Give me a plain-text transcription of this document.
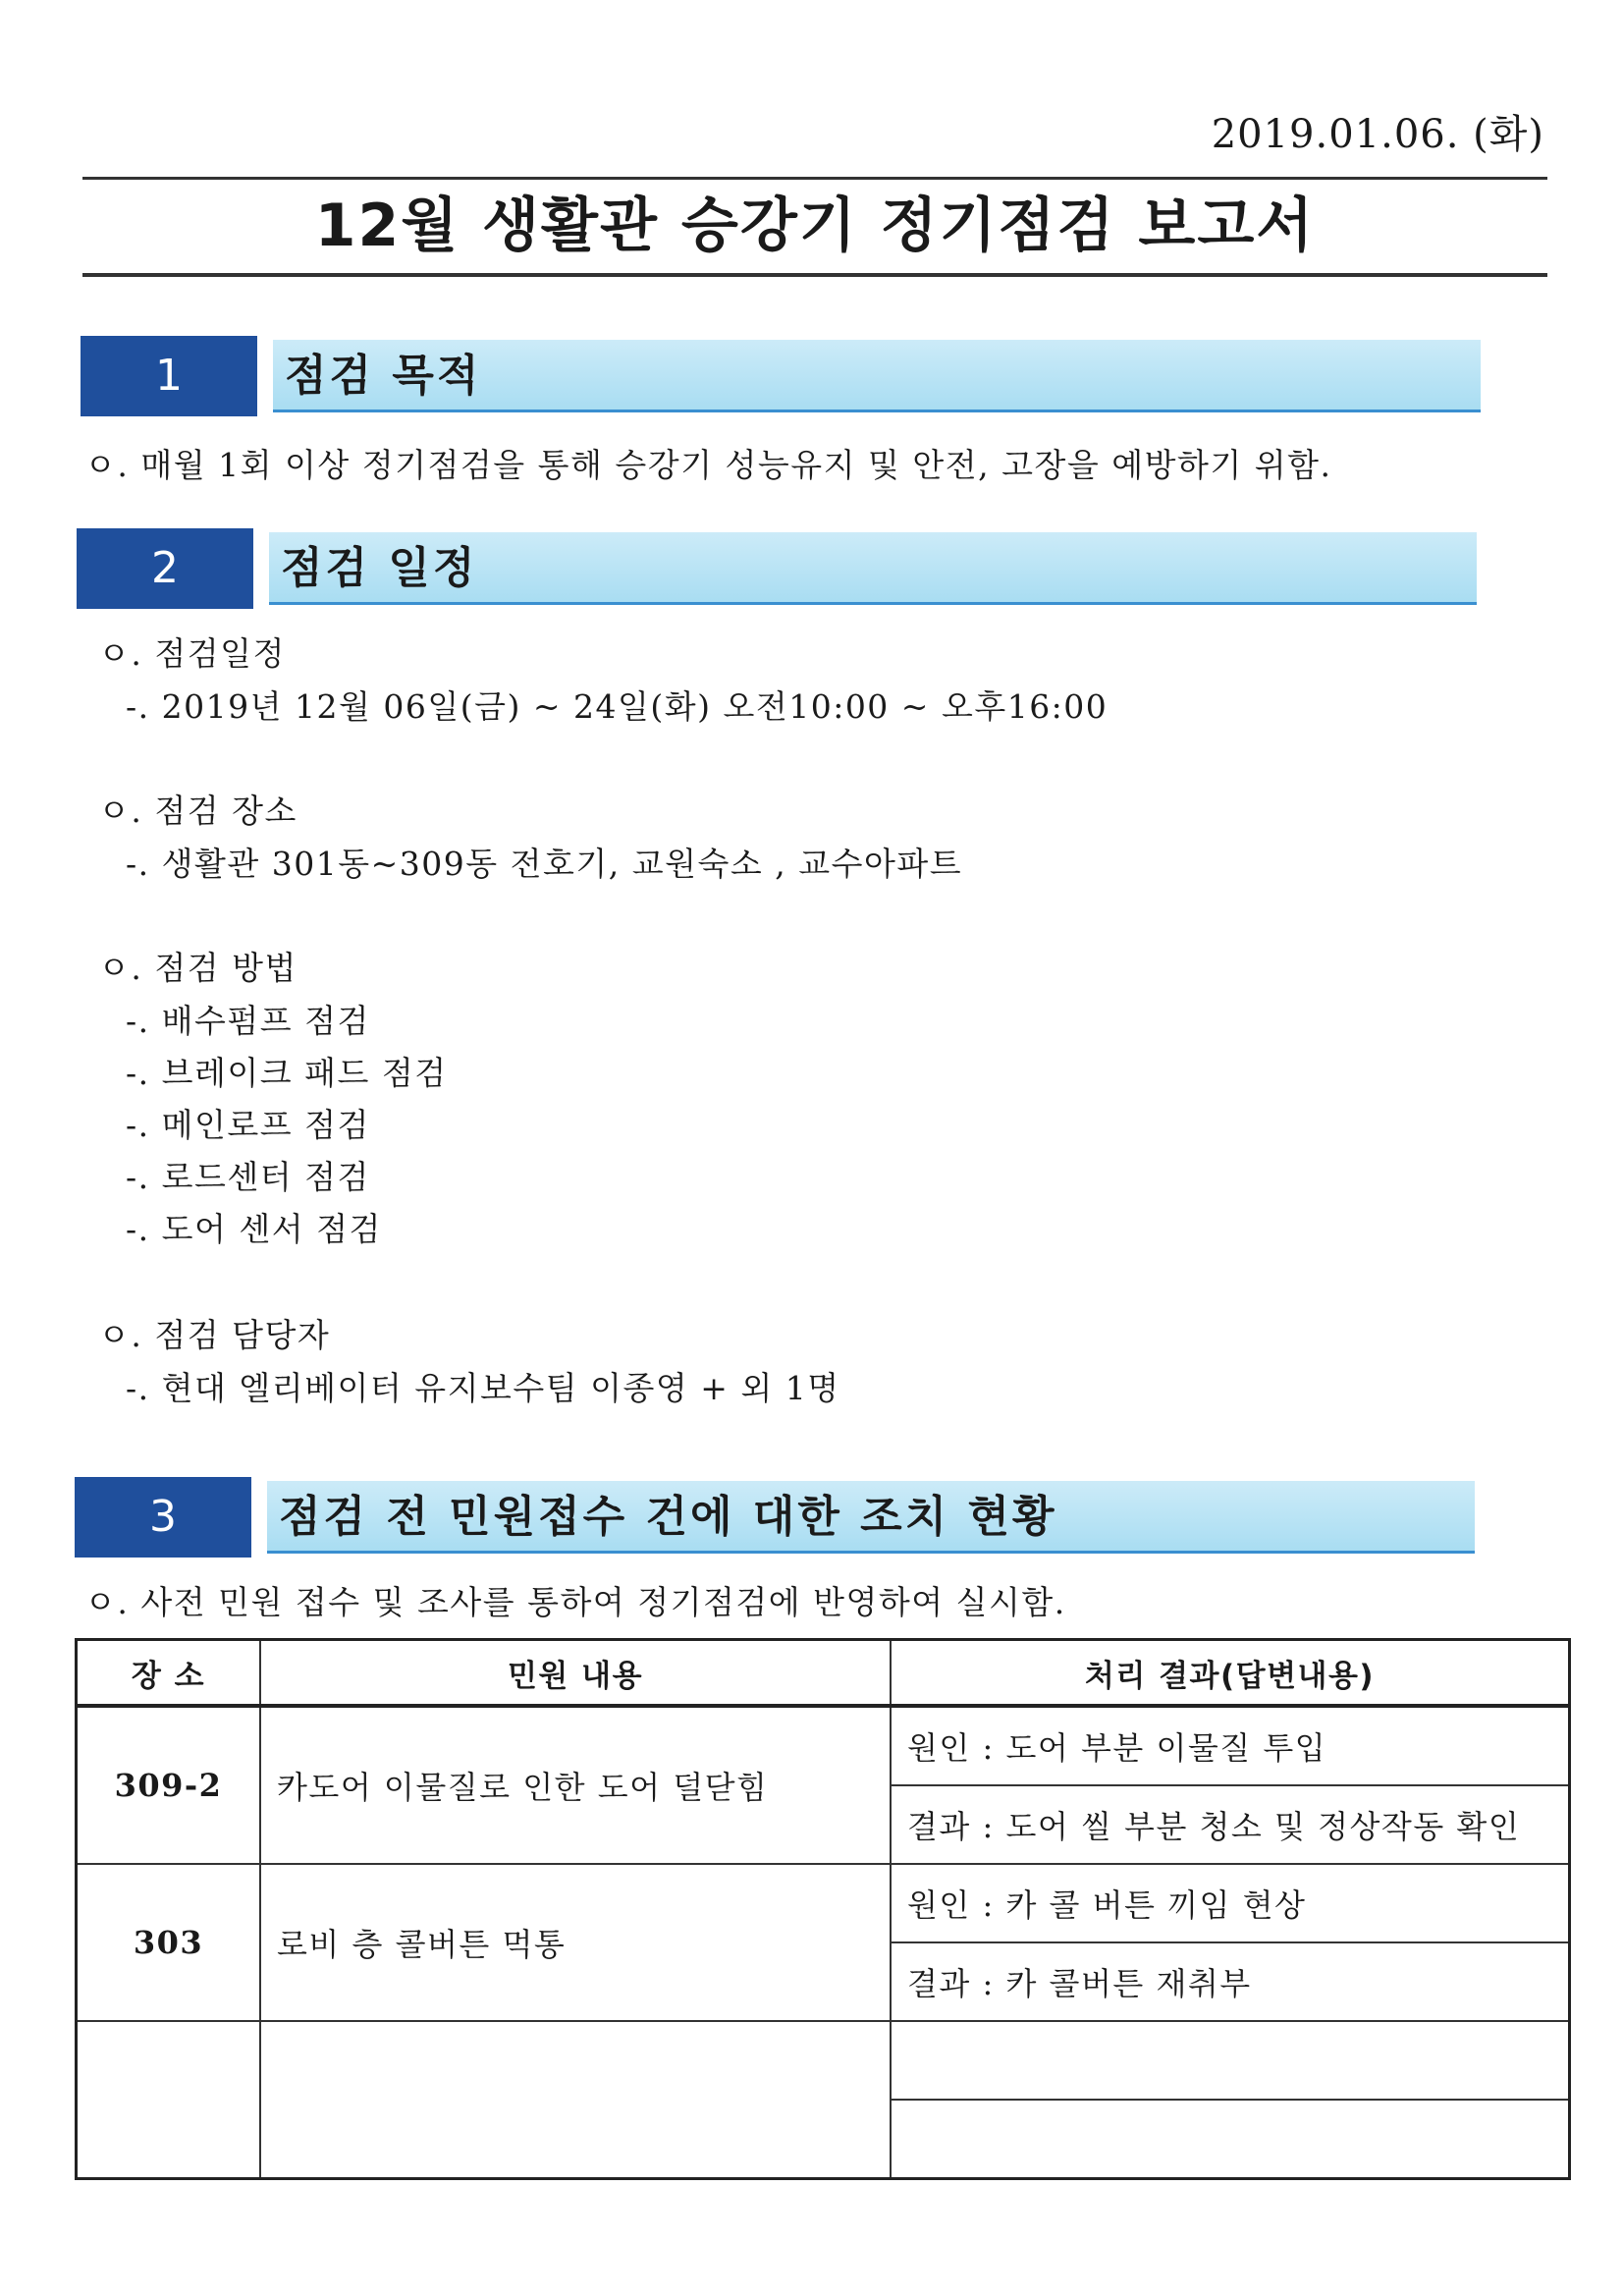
2019.01.06. (화)
12월 생활관 승강기 정기점검 보고서
1	점검 목적
ㅇ. 매월 1회 이상 정기점검을 통해 승강기 성능유지 및 안전, 고장을 예방하기 위함.
2	점검 일정
ㅇ. 점검일정
-. 2019년 12월 06일(금) ~ 24일(화) 오전10:00 ~ 오후16:00
ㅇ. 점검 장소
-. 생활관 301동~309동 전호기, 교원숙소 , 교수아파트
ㅇ. 점검 방법
-. 배수펌프 점검
-. 브레이크 패드 점검
-. 메인로프 점검
-. 로드센터 점검
-. 도어 센서 점검
ㅇ. 점검 담당자
-. 현대 엘리베이터 유지보수팀 이종영 + 외 1명
3	점검 전 민원접수 건에 대한 조치 현황
ㅇ. 사전 민원 접수 및 조사를 통하여 정기점검에 반영하여 실시함.
장 소	민원 내용	처리 결과(답변내용)
309-2	카도어 이물질로 인한 도어 덜닫힘	원인 : 도어 부분 이물질 투입
		결과 : 도어 씰 부분 청소 및 정상작동 확인
303	로비 층 콜버튼 먹통	원인 : 카 콜 버튼 끼임 현상
		결과 : 카 콜버튼 재취부
